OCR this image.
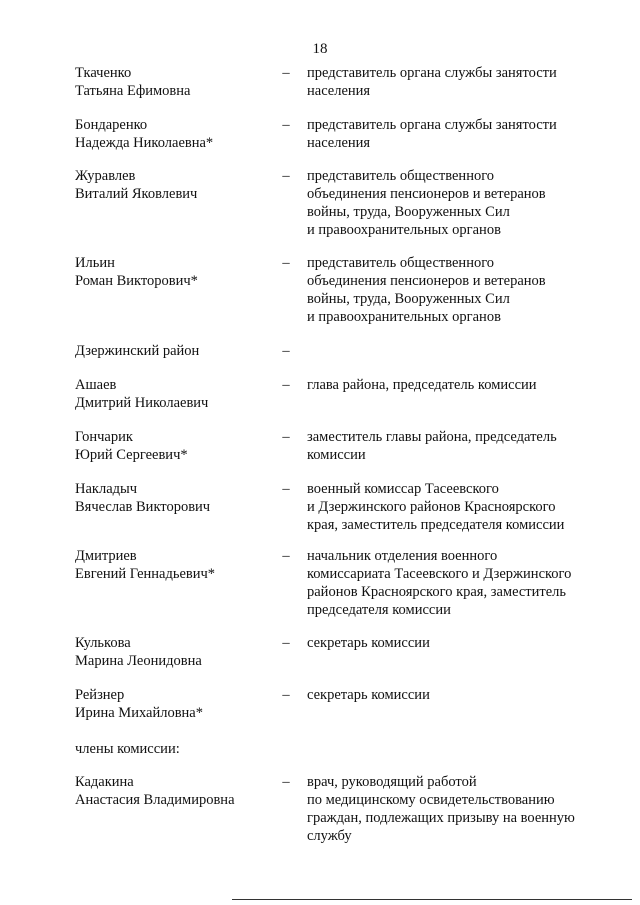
18
Ткаченко
Татьяна Ефимовна
– представитель органа службы занятости
населения
Бондаренко
Надежда Николаевна*
– представитель органа службы занятости
населения
Журавлев
Виталий Яковлевич
– представитель общественного
объединения пенсионеров и ветеранов
войны, труда, Вооруженных Сил
и правоохранительных органов
Ильин
Роман Викторович*
– представитель общественного
объединения пенсионеров и ветеранов
войны, труда, Вооруженных Сил
и правоохранительных органов
Дзержинский район	–
Ашаев
Дмитрий Николаевич
– глава района, председатель комиссии
Гончарик
Юрий Сергеевич*
– заместитель главы района, председатель
комиссии
Накладыч
Вячеслав Викторович
– военный комиссар Тасеевского
и Дзержинского районов Красноярского
края, заместитель председателя комиссии
Дмитриев
Евгений Геннадьевич*
– начальник отделения военного
комиссариата Тасеевского и Дзержинского
районов Красноярского края, заместитель
председателя комиссии
Кулькова
Марина Леонидовна
– секретарь комиссии
Рейзнер
Ирина Михайловна*
– секретарь комиссии
члены комиссии:
Кадакина
Анастасия Владимировна
– врач, руководящий работой
по медицинскому освидетельствованию
граждан, подлежащих призыву на военную
службу
